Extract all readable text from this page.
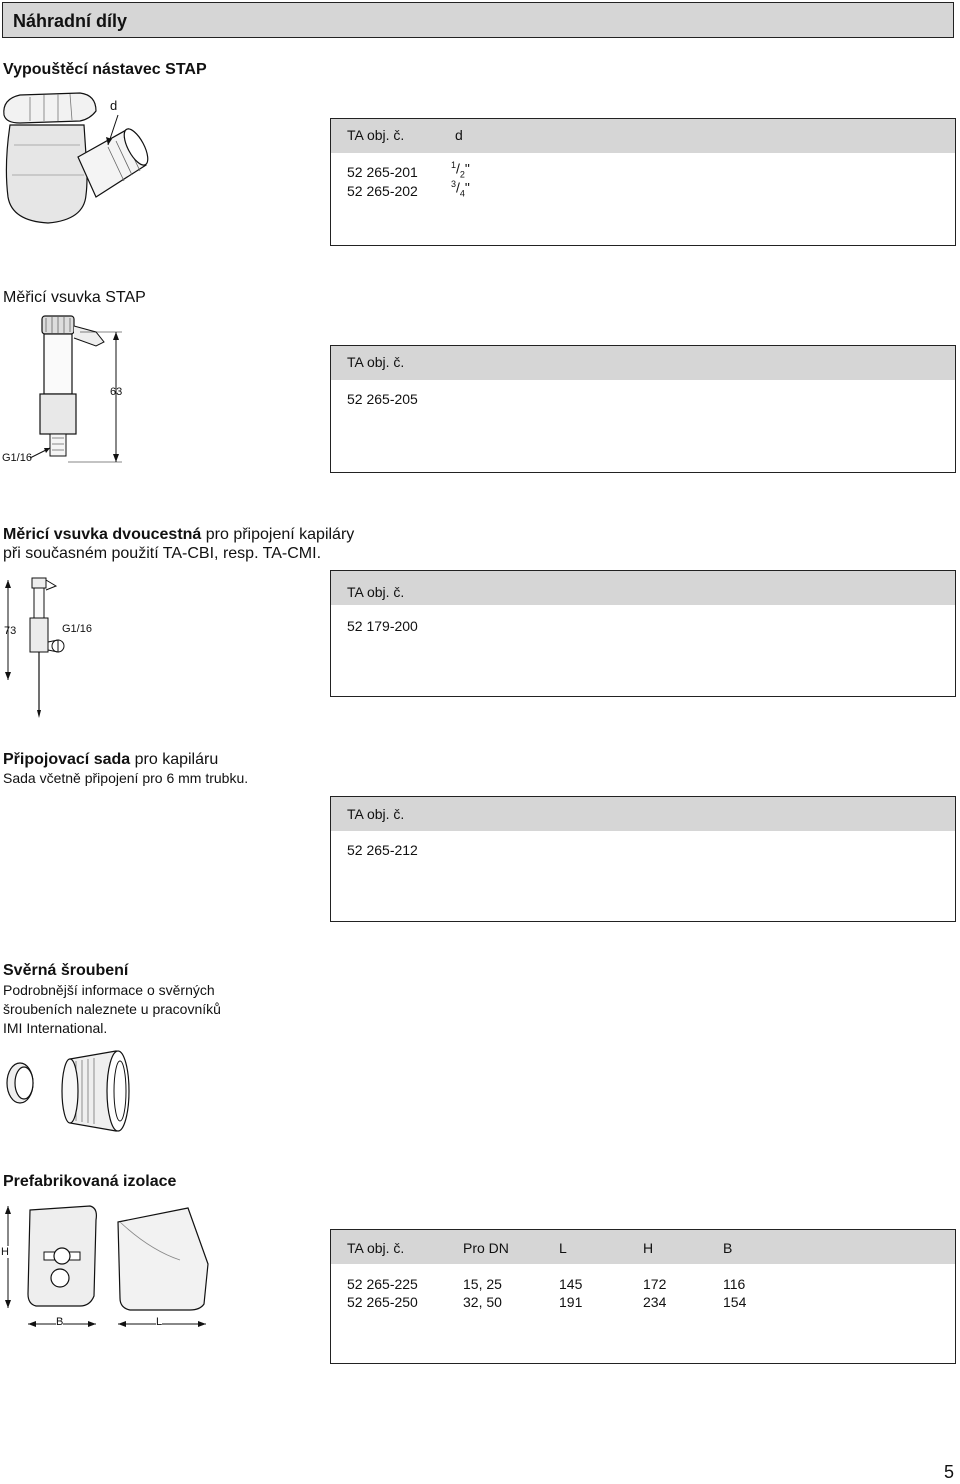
Náhradní díly
Vypouštěcí nástavec STAP
d
TA obj. č.	d
52 265-201	$^1/_2$"
52 265-202	$^3/_4$"
Měřicí vsuvka STAP
63
G1/16
TA obj. č.
52 265-205
Měricí vsuvka dvoucestná pro připojení kapiláry
při současném použití TA-CBI, resp. TA-CMI.
73	G1/16
TA obj. č.
52 179-200
Připojovací sada pro kapiláru
Sada včetně připojení pro 6 mm trubku.
TA obj. č.
52 265-212
Svěrná šroubení
Podrobnější informace o svěrných
šroubeních naleznete u pracovníků
IMI International.
Prefabrikovaná izolace
H
B	L
TA obj. č.	Pro DN	L	H	B
52 265-225	15, 25	145	172	116
52 265-250	32, 50	191	234	154
5
